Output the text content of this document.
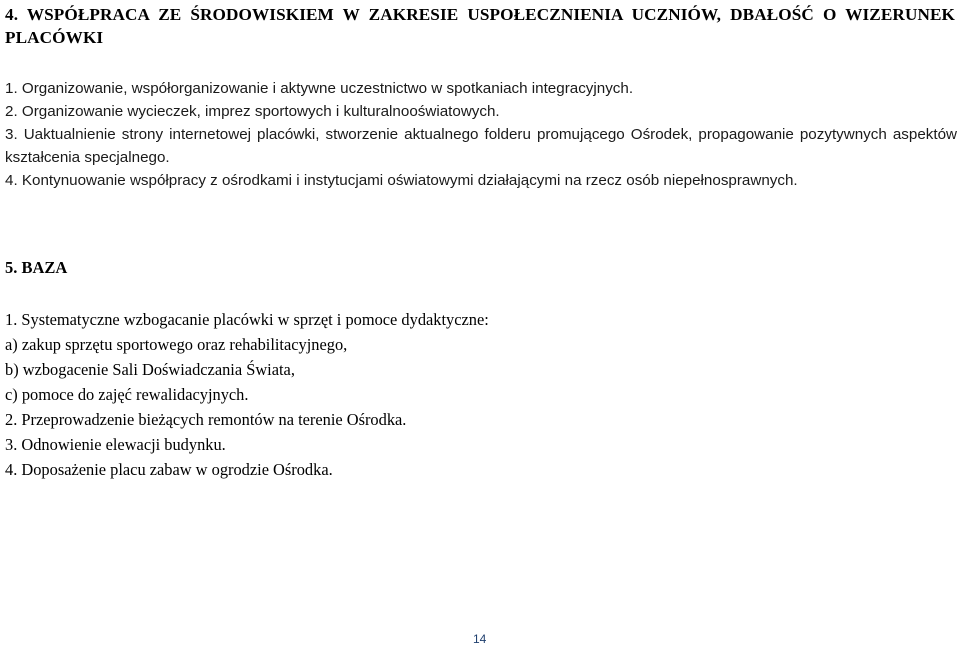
4. WSPÓŁPRACA ZE ŚRODOWISKIEM W ZAKRESIE USPOŁECZNIENIA UCZNIÓW, DBAŁOŚĆ O WIZERUNEK PLACÓWKI
1. Organizowanie, współorganizowanie i aktywne uczestnictwo w spotkaniach integracyjnych.
2. Organizowanie wycieczek, imprez sportowych i kulturalnooświatowych.
3. Uaktualnienie strony internetowej placówki, stworzenie aktualnego folderu promującego Ośrodek, propagowanie pozytywnych aspektów kształcenia specjalnego.
4. Kontynuowanie współpracy z ośrodkami i instytucjami oświatowymi działającymi na rzecz osób niepełnosprawnych.
5. BAZA
1. Systematyczne wzbogacanie placówki w sprzęt i pomoce dydaktyczne:
a) zakup sprzętu sportowego oraz rehabilitacyjnego,
b) wzbogacenie Sali Doświadczania Świata,
c) pomoce do zajęć rewalidacyjnych.
2. Przeprowadzenie bieżących remontów na terenie Ośrodka.
3. Odnowienie elewacji budynku.
4. Doposażenie placu zabaw w ogrodzie Ośrodka.
14
